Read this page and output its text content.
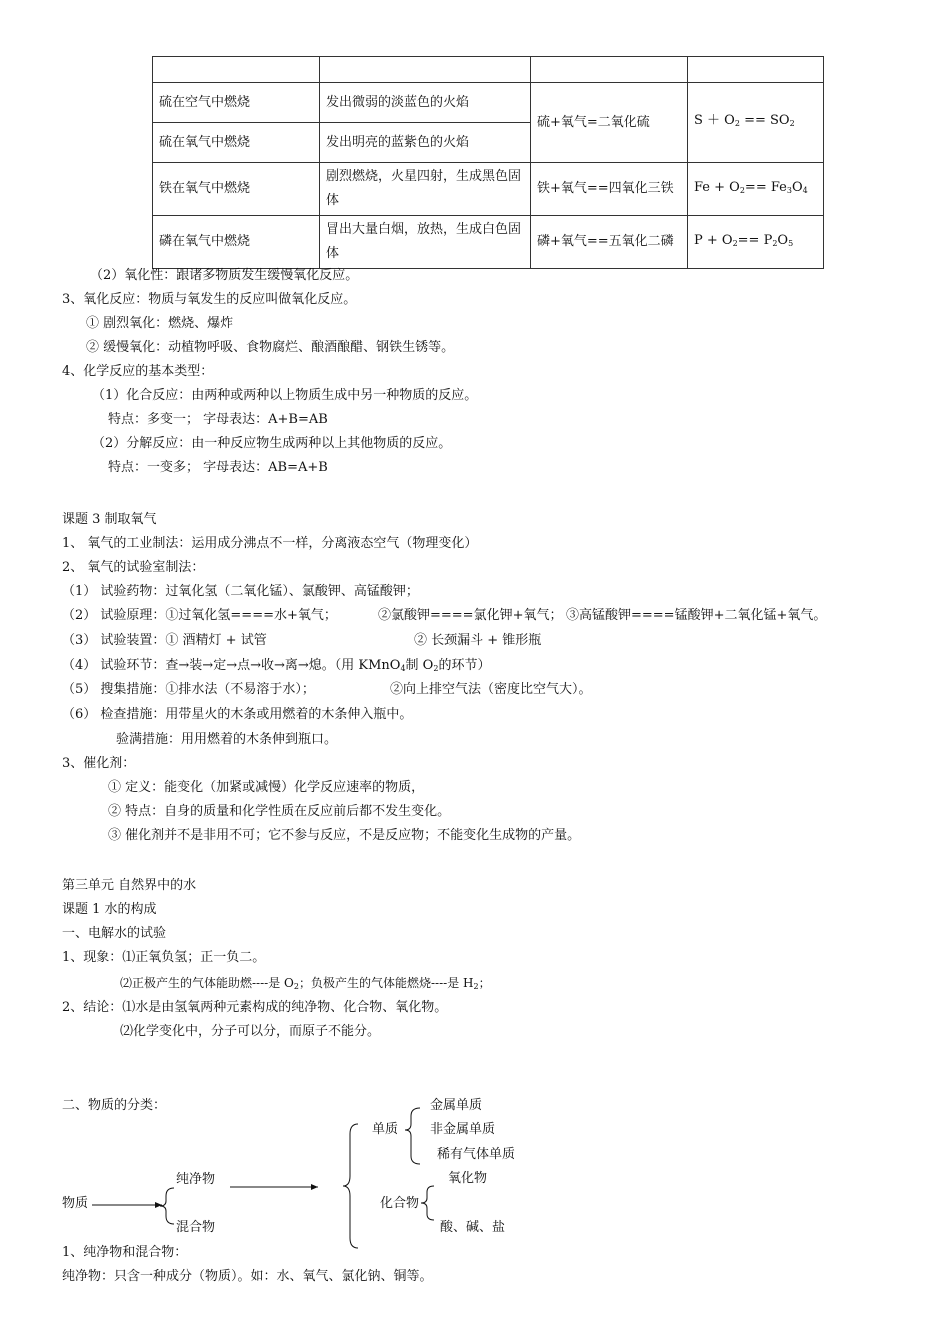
硫在空气中燃烧	发出微弱的淡蓝色的火焰	硫+氧气=二氧化硫	$S + O_2 == SO_2$
硫在氧气中燃烧	发出明亮的蓝紫色的火焰		
铁在氧气中燃烧	剧烈燃烧，火星四射，生成黑色固体	铁+氧气==四氧化三铁	$Fe + O_2== Fe_3O_4$
磷在氧气中燃烧	冒出大量白烟，放热，生成白色固体	磷+氧气==五氧化二磷	$P + O_2== P_2O_5$
（2）氧化性：跟诸多物质发生缓慢氧化反应。
3、氧化反应：物质与氧发生的反应叫做氧化反应。
① 剧烈氧化：燃烧、爆炸
② 缓慢氧化：动植物呼吸、食物腐烂、酿酒酿醋、钢铁生锈等。
4、化学反应的基本类型：
（1）化合反应：由两种或两种以上物质生成中另一种物质的反应。
特点：多变一； 字母表达：A+B=AB
（2）分解反应：由一种反应物生成两种以上其他物质的反应。
特点：一变多； 字母表达：AB=A+B
课题 3 制取氧气
1、 氧气的工业制法：运用成分沸点不一样，分离液态空气（物理变化）
2、 氧气的试验室制法：
（1） 试验药物：过氧化氢（二氧化锰）、氯酸钾、高锰酸钾；
（2） 试验原理：①过氧化氢====水+氧气；	②氯酸钾====氯化钾+氧气； ③高锰酸钾====锰酸钾+二氧化锰+氧气。
（3） 试验装置：① 酒精灯 + 试管	② 长颈漏斗 + 锥形瓶
（4） 试验环节：查→装→定→点→收→离→熄。（用 KMnO$_4$制 $O_2$的环节）
（5） 搜集措施：①排水法（不易溶于水）；	②向上排空气法（密度比空气大）。
（6） 检查措施：用带星火的木条或用燃着的木条伸入瓶中。
验满措施：用用燃着的木条伸到瓶口。
3、催化剂：
① 定义：能变化（加紧或减慢）化学反应速率的物质，
② 特点：自身的质量和化学性质在反应前后都不发生变化。
③ 催化剂并不是非用不可；它不参与反应，不是反应物；不能变化生成物的产量。
第三单元 自然界中的水
课题 1 水的构成
一、电解水的试验
1、现象：⑴正氧负氢；正一负二。
⑵正极产生的气体能助燃----是 $O_2$；负极产生的气体能燃烧----是 $H_2$；
2、结论：⑴水是由氢氧两种元素构成的纯净物、化合物、氧化物。
⑵化学变化中，分子可以分，而原子不能分。
二、物质的分类：
物质
纯净物
混合物
单质
金属单质
非金属单质
稀有气体单质
化合物
氧化物
酸、碱、盐
1、纯净物和混合物：
纯净物：只含一种成分（物质）。如：水、氧气、氯化钠、铜等。
